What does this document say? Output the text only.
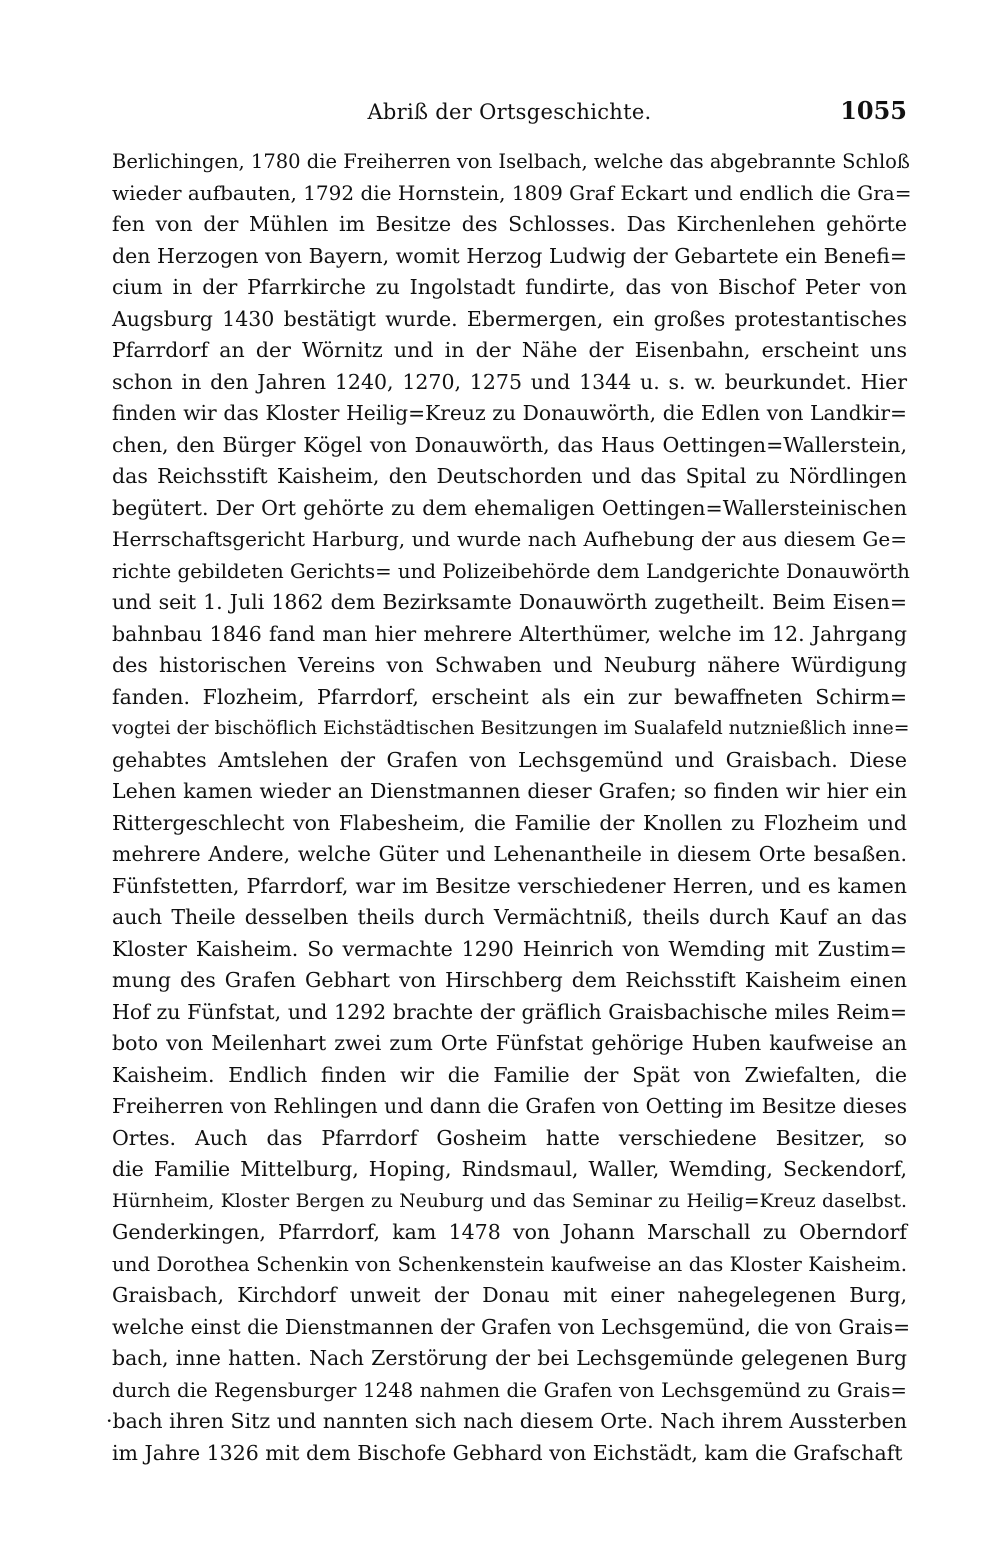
Abriß der Ortsgeschichte.	1055
Berlichingen, 1780 die Freiherren von Iselbach, welche das abgebrannte Schloß
wieder aufbauten, 1792 die Hornstein, 1809 Graf Eckart und endlich die Gra=
fen von der Mühlen im Besitze des Schlosses. Das Kirchenlehen gehörte
den Herzogen von Bayern, womit Herzog Ludwig der Gebartete ein Benefi=
cium in der Pfarrkirche zu Ingolstadt fundirte, das von Bischof Peter von
Augsburg 1430 bestätigt wurde. Ebermergen, ein großes protestantisches
Pfarrdorf an der Wörnitz und in der Nähe der Eisenbahn, erscheint uns
schon in den Jahren 1240, 1270, 1275 und 1344 u. s. w. beurkundet. Hier
finden wir das Kloster Heilig=Kreuz zu Donauwörth, die Edlen von Landkir=
chen, den Bürger Kögel von Donauwörth, das Haus Oettingen=Wallerstein,
das Reichsstift Kaisheim, den Deutschorden und das Spital zu Nördlingen
begütert. Der Ort gehörte zu dem ehemaligen Oettingen=Wallersteinischen
Herrschaftsgericht Harburg, und wurde nach Aufhebung der aus diesem Ge=
richte gebildeten Gerichts= und Polizeibehörde dem Landgerichte Donauwörth
und seit 1. Juli 1862 dem Bezirksamte Donauwörth zugetheilt. Beim Eisen=
bahnbau 1846 fand man hier mehrere Alterthümer, welche im 12. Jahrgang
des historischen Vereins von Schwaben und Neuburg nähere Würdigung
fanden. Flozheim, Pfarrdorf, erscheint als ein zur bewaffneten Schirm=
vogtei der bischöflich Eichstädtischen Besitzungen im Sualafeld nutznießlich inne=
gehabtes Amtslehen der Grafen von Lechsgemünd und Graisbach. Diese
Lehen kamen wieder an Dienstmannen dieser Grafen; so finden wir hier ein
Rittergeschlecht von Flabesheim, die Familie der Knollen zu Flozheim und
mehrere Andere, welche Güter und Lehenantheile in diesem Orte besaßen.
Fünfstetten, Pfarrdorf, war im Besitze verschiedener Herren, und es kamen
auch Theile desselben theils durch Vermächtniß, theils durch Kauf an das
Kloster Kaisheim. So vermachte 1290 Heinrich von Wemding mit Zustim=
mung des Grafen Gebhart von Hirschberg dem Reichsstift Kaisheim einen
Hof zu Fünfstat, und 1292 brachte der gräflich Graisbachische miles Reim=
boto von Meilenhart zwei zum Orte Fünfstat gehörige Huben kaufweise an
Kaisheim. Endlich finden wir die Familie der Spät von Zwiefalten, die
Freiherren von Rehlingen und dann die Grafen von Oetting im Besitze dieses
Ortes. Auch das Pfarrdorf Gosheim hatte verschiedene Besitzer, so
die Familie Mittelburg, Hoping, Rindsmaul, Waller, Wemding, Seckendorf,
Hürnheim, Kloster Bergen zu Neuburg und das Seminar zu Heilig=Kreuz daselbst.
Genderkingen, Pfarrdorf, kam 1478 von Johann Marschall zu Oberndorf
und Dorothea Schenkin von Schenkenstein kaufweise an das Kloster Kaisheim.
Graisbach, Kirchdorf unweit der Donau mit einer nahegelegenen Burg,
welche einst die Dienstmannen der Grafen von Lechsgemünd, die von Grais=
bach, inne hatten. Nach Zerstörung der bei Lechsgemünde gelegenen Burg
durch die Regensburger 1248 nahmen die Grafen von Lechsgemünd zu Grais=
·bach ihren Sitz und nannten sich nach diesem Orte. Nach ihrem Aussterben
im Jahre 1326 mit dem Bischofe Gebhard von Eichstädt, kam die Grafschaft
